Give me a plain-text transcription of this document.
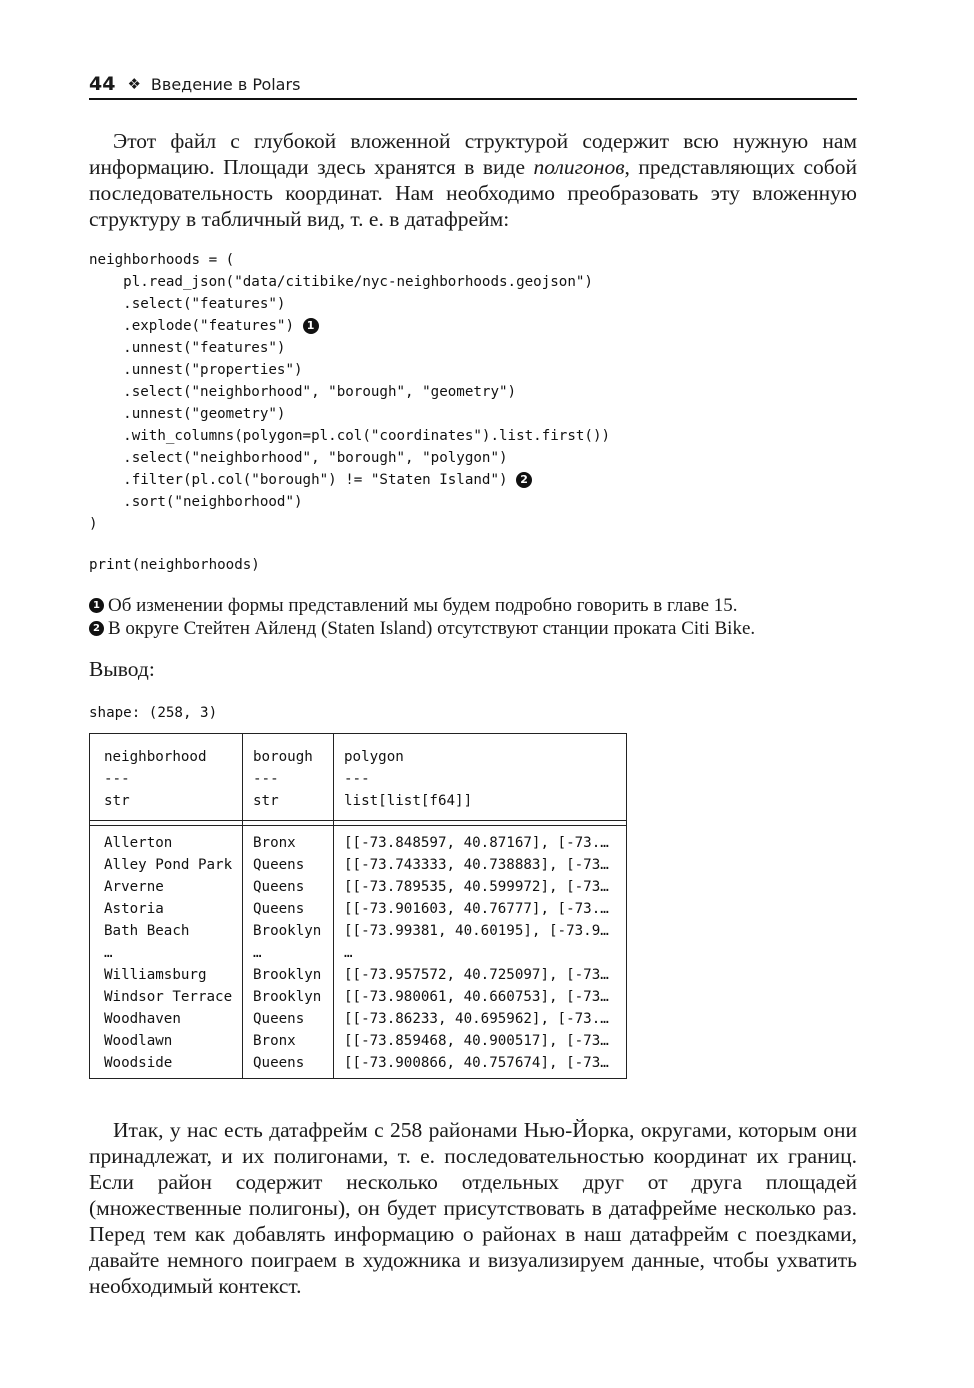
44 ❖ Введение в Polars

Этот файл с глубокой вложенной структурой содержит всю нужную нам информацию. Площади здесь хранятся в виде полигонов, представляющих собой последовательность координат. Нам необходимо преобразовать эту вложенную структуру в табличный вид, т. е. в датафрейм:

neighborhoods = (
pl.read_json("data/citibike/nyc-neighborhoods.geojson")
.select("features")
.explode("features") 1
.unnest("features")
.unnest("properties")
.select("neighborhood", "borough", "geometry")
.unnest("geometry")
.with_columns(polygon=pl.col("coordinates").list.first())
.select("neighborhood", "borough", "polygon")
.filter(pl.col("borough") != "Staten Island") 2
.sort("neighborhood")
)
print(neighborhoods)
1 Об изменении формы представлений мы будем подробно говорить в главе 15.
2 В округе Стейтен Айленд (Staten Island) отсутствуют станции проката Citi Bike.
Вывод:
shape: (258, 3)
neighborhood	borough	polygon
---	---	---
str	str	list[list[f64]]

Allerton	Bronx	[[-73.848597, 40.87167], [-73.…
Alley Pond Park	Queens	[[-73.743333, 40.738883], [-73…
Arverne	Queens	[[-73.789535, 40.599972], [-73…
Astoria	Queens	[[-73.901603, 40.76777], [-73.…
Bath Beach	Brooklyn	[[-73.99381, 40.60195], [-73.9…
…	…	…
Williamsburg	Brooklyn	[[-73.957572, 40.725097], [-73…
Windsor Terrace	Brooklyn	[[-73.980061, 40.660753], [-73…
Woodhaven	Queens	[[-73.86233, 40.695962], [-73.…
Woodlawn	Bronx	[[-73.859468, 40.900517], [-73…
Woodside	Queens	[[-73.900866, 40.757674], [-73…

Итак, у нас есть датафрейм с 258 районами Нью-Йорка, округами, которым они принадлежат, и их полигонами, т. е. последовательностью координат их границ. Если район содержит несколько отдельных друг от друга площадей (множественные полигоны), он будет присутствовать в датафрейме несколько раз. Перед тем как добавлять информацию о районах в наш датафрейм с поездками, давайте немного поиграем в художника и визуализируем данные, чтобы ухватить необходимый контекст.
